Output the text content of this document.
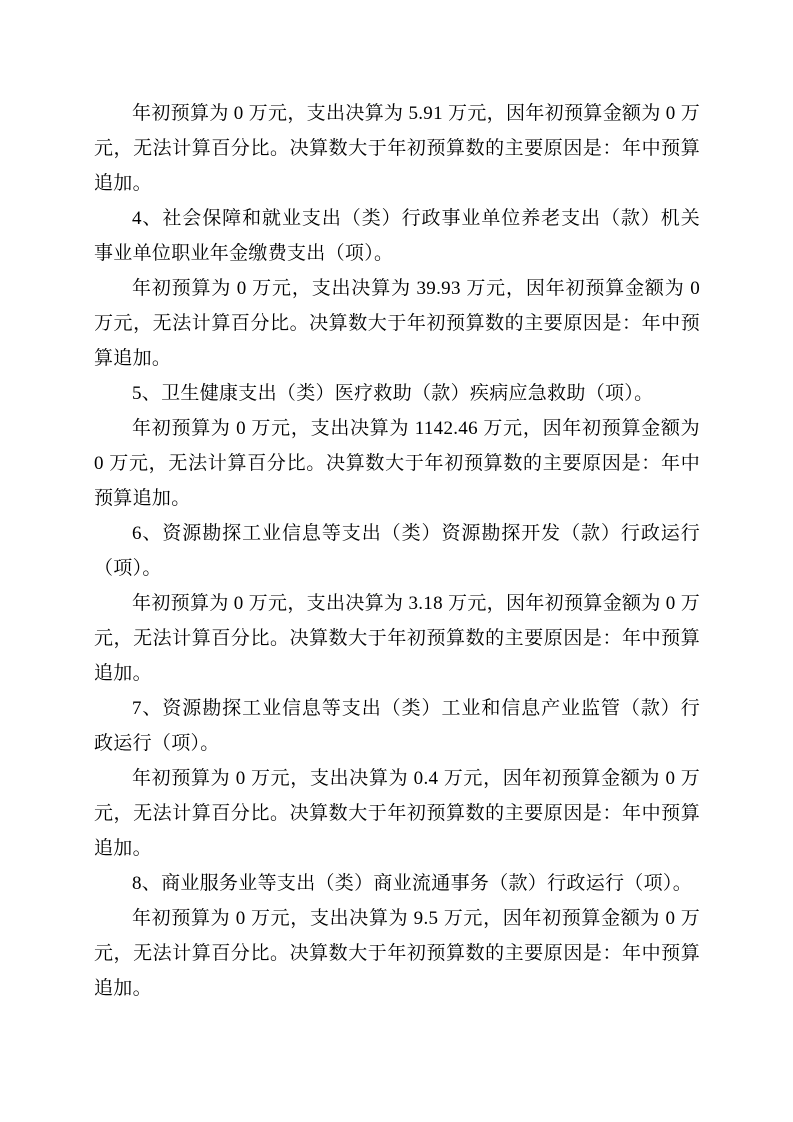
年初预算为 0 万元，支出决算为 5.91 万元，因年初预算金额为 0 万元，无法计算百分比。决算数大于年初预算数的主要原因是：年中预算追加。

4、社会保障和就业支出（类）行政事业单位养老支出（款）机关事业单位职业年金缴费支出（项）。

年初预算为 0 万元，支出决算为 39.93 万元，因年初预算金额为 0 万元，无法计算百分比。决算数大于年初预算数的主要原因是：年中预算追加。

5、卫生健康支出（类）医疗救助（款）疾病应急救助（项）。

年初预算为 0 万元，支出决算为 1142.46 万元，因年初预算金额为 0 万元，无法计算百分比。决算数大于年初预算数的主要原因是：年中预算追加。

6、资源勘探工业信息等支出（类）资源勘探开发（款）行政运行（项）。

年初预算为 0 万元，支出决算为 3.18 万元，因年初预算金额为 0 万元，无法计算百分比。决算数大于年初预算数的主要原因是：年中预算追加。

7、资源勘探工业信息等支出（类）工业和信息产业监管（款）行政运行（项）。

年初预算为 0 万元，支出决算为 0.4 万元，因年初预算金额为 0 万元，无法计算百分比。决算数大于年初预算数的主要原因是：年中预算追加。

8、商业服务业等支出（类）商业流通事务（款）行政运行（项）。

年初预算为 0 万元，支出决算为 9.5 万元，因年初预算金额为 0 万元，无法计算百分比。决算数大于年初预算数的主要原因是：年中预算追加。
